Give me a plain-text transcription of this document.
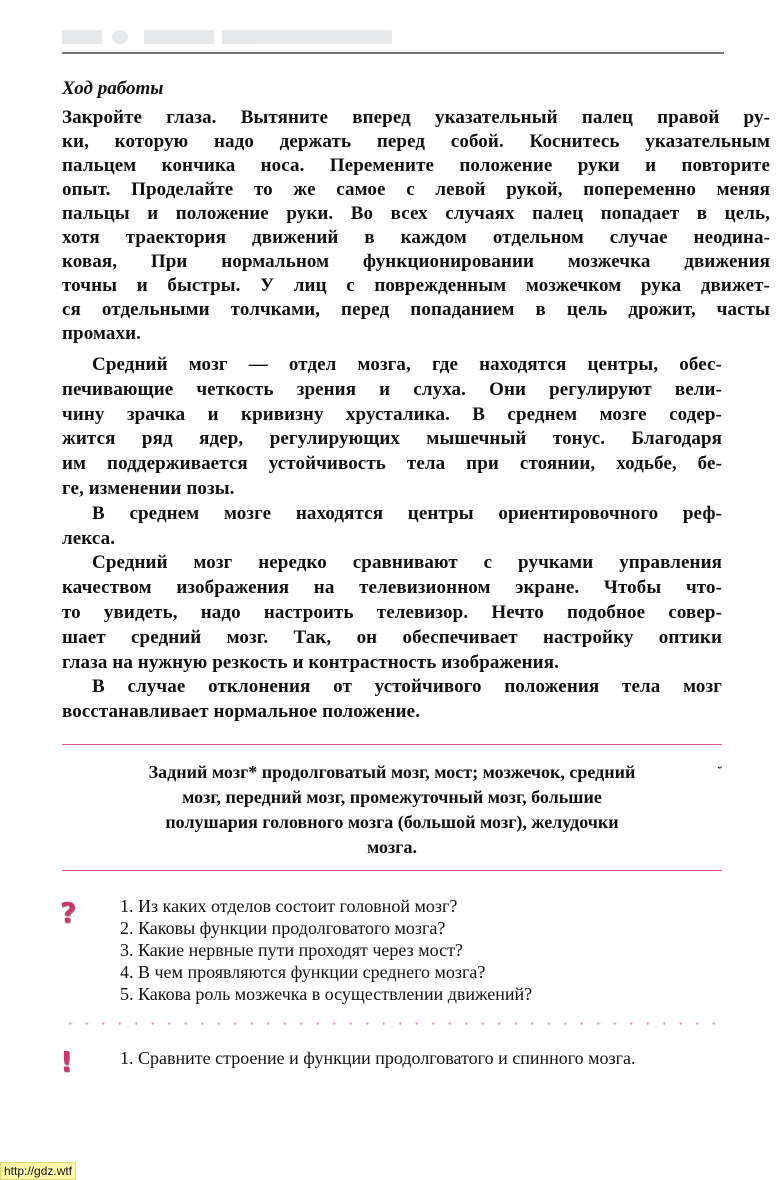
Ход работы
Закройте глаза. Вытяните вперед указательный палец правой ру-
ки, которую надо держать перед собой. Коснитесь указательным
пальцем кончика носа. Перемените положение руки и повторите
опыт. Проделайте то же самое с левой рукой, попеременно меняя
пальцы и положение руки. Во всех случаях палец попадает в цель,
хотя траектория движений в каждом отдельном случае неодина-
ковая, При нормальном функционировании мозжечка движения
точны и быстры. У лиц с поврежденным мозжечком рука движет-
ся отдельными толчками, перед попаданием в цель дрожит, часты
промахи.
Средний мозг — отдел мозга, где находятся центры, обес-
печивающие четкость зрения и слуха. Они регулируют вели-
чину зрачка и кривизну хрусталика. В среднем мозге содер-
жится ряд ядер, регулирующих мышечный тонус. Благодаря
им поддерживается устойчивость тела при стоянии, ходьбе, бе-
ге, изменении позы.
В среднем мозге находятся центры ориентировочного реф-
лекса.
Средний мозг нередко сравнивают с ручками управления
качеством изображения на телевизионном экране. Чтобы что-
то увидеть, надо настроить телевизор. Нечто подобное совер-
шает средний мозг. Так, он обеспечивает настройку оптики
глаза на нужную резкость и контрастность изображения.
В случае отклонения от устойчивого положения тела мозг
восстанавливает нормальное положение.
˘
Задний мозг* продолговатый мозг, мост; мозжечок, средний
мозг, передний мозг, промежуточный мозг, большие
полушария головного мозга (большой мозг), желудочки
мозга.
? 1. Из каких отделов состоит головной мозг?
2. Каковы функции продолговатого мозга?
3. Какие нервные пути проходят через мост?
4. В чем проявляются функции среднего мозга?
5. Какова роль мозжечка в осуществлении движений?
!	1. Сравните строение и функции продолговатого и спинного мозга.
http://gdz.wtf
